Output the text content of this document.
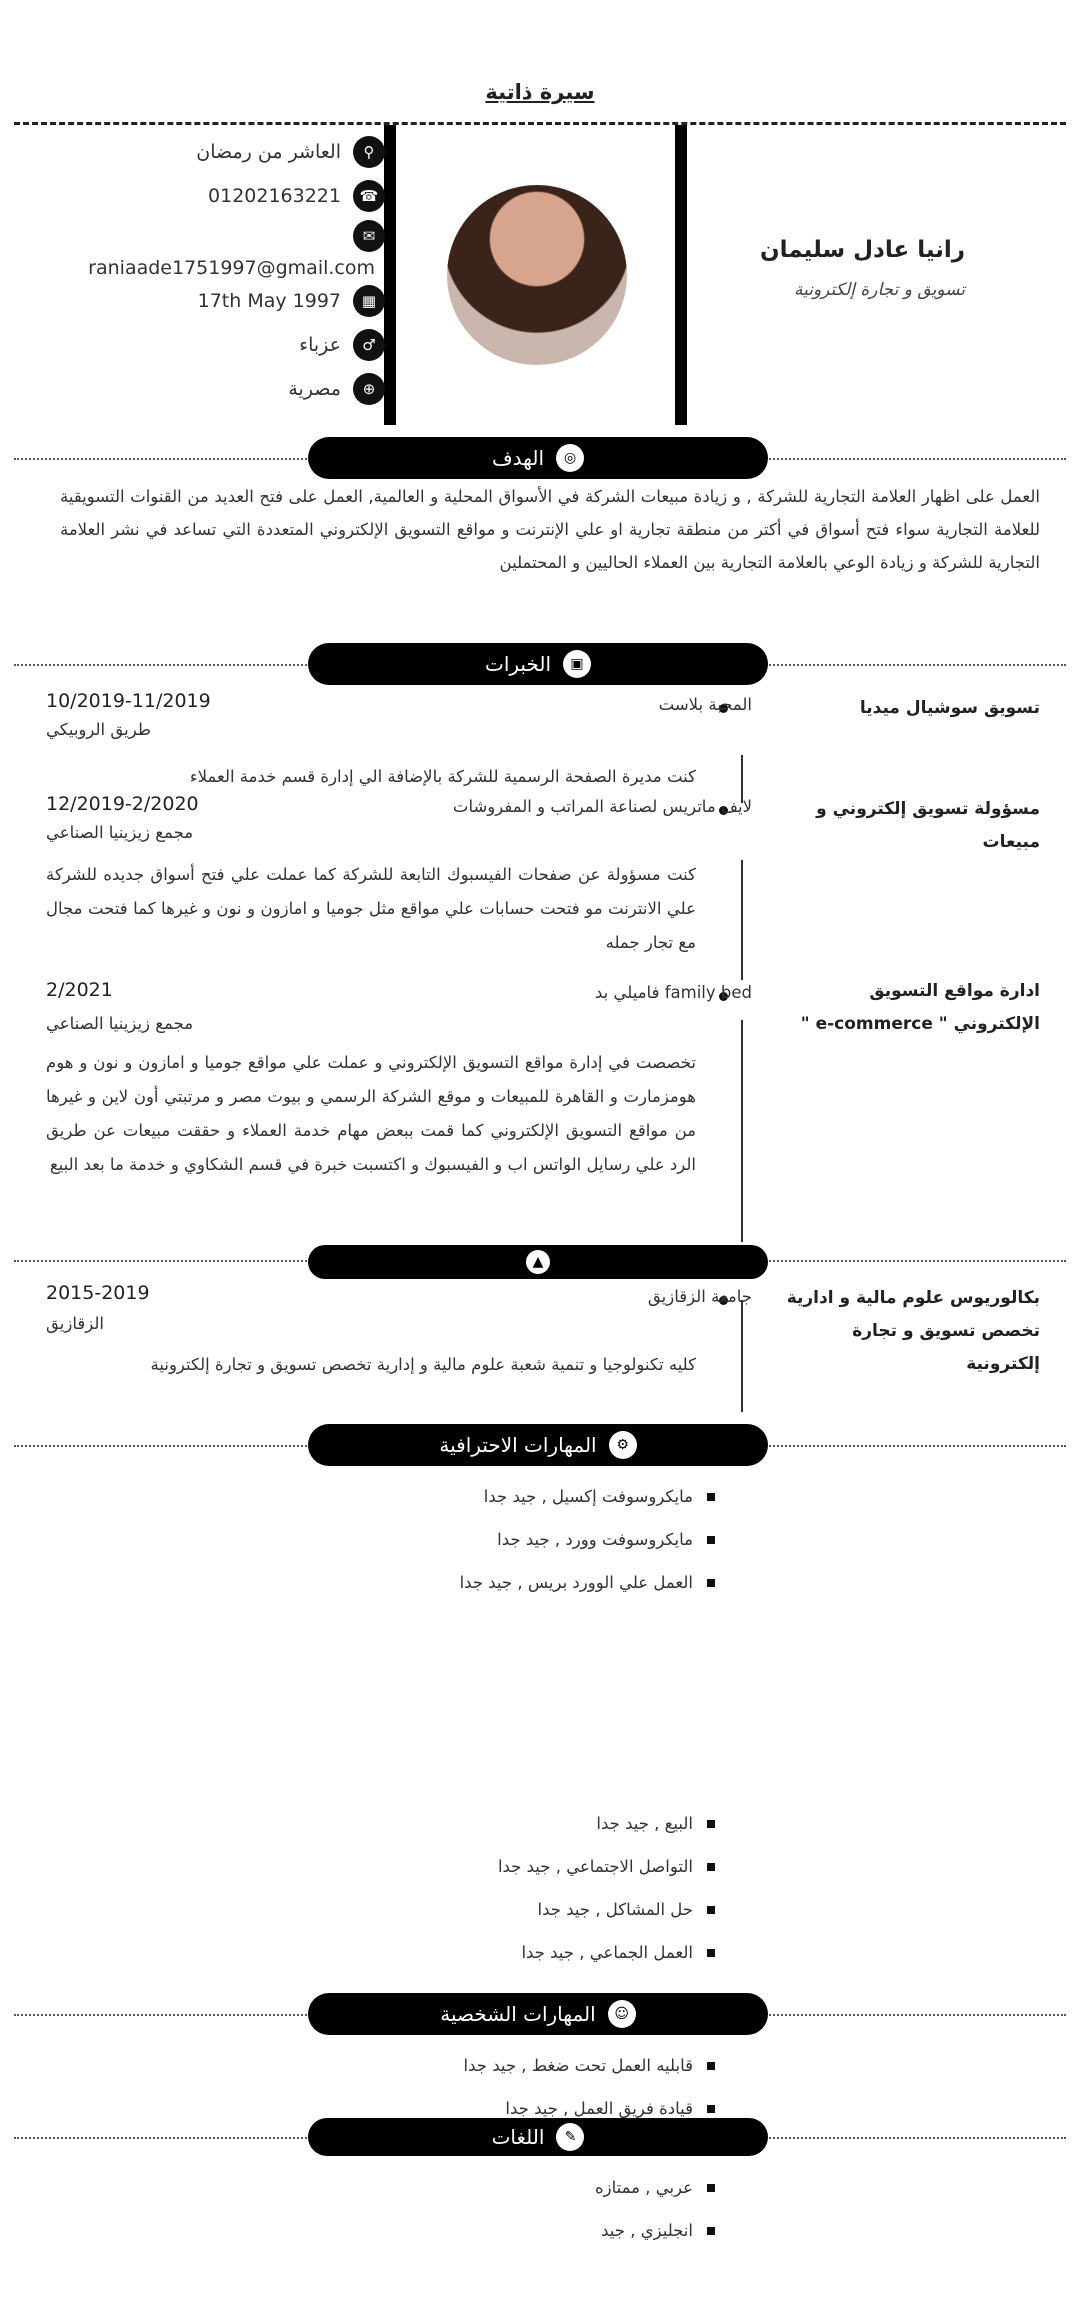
سيرة ذاتية
العاشر من رمضان	⚲
01202163221	☎
✉
raniaade1751997@gmail.com
17th May 1997	▦
عزباء	♂
مصرية	⊕
رانيا عادل سليمان
تسويق و تجارة إلكترونية
◎
الهدف
العمل على اظهار العلامة التجارية للشركة , و زيادة مبيعات الشركة في الأسواق المحلية و العالمية, العمل على فتح العديد من القنوات التسويقية للعلامة التجارية سواء فتح أسواق في أكتر من منطقة تجارية او علي الإنترنت و مواقع التسويق الإلكتروني المتعددة التي تساعد في نشر العلامة التجارية للشركة و زيادة الوعي بالعلامة التجارية بين العملاء الحاليين و المحتملين
▣
الخبرات
تسويق سوشيال ميديا
المحبة بلاست
10/2019-11/2019
طريق الروبيكي
كنت مديرة الصفحة الرسمية للشركة بالإضافة الي إدارة قسم خدمة العملاء
مسؤولة تسويق إلكتروني و مبيعات
لايف ماتريس لصناعة المراتب و المفروشات
12/2019-2/2020
مجمع زيزينيا الصناعي
كنت مسؤولة عن صفحات الفيسبوك التابعة للشركة كما عملت علي فتح أسواق جديده للشركة علي الانترنت مو فتحت حسابات علي مواقع مثل جوميا و امازون و نون و غيرها كما فتحت مجال مع تجار جمله
ادارة مواقع التسويق الإلكتروني " e-commerce "
family bed فاميلي بد
2/2021
مجمع زيزينيا الصناعي
تخصصت في إدارة مواقع التسويق الإلكتروني و عملت علي مواقع جوميا و امازون و نون و هوم هومزمارت و القاهرة للمبيعات و موقع الشركة الرسمي و بيوت مصر و مرتبتي أون لاين و غيرها من مواقع التسويق الإلكتروني كما قمت ببعض مهام خدمة العملاء و حققت مبيعات عن طريق الرد علي رسايل الواتس اب و الفيسبوك و اكتسبت خبرة في قسم الشكاوي و خدمة ما بعد البيع
▲
بكالوريوس علوم مالية و ادارية تخصص تسويق و تجارة إلكترونية
جامعة الزقازيق
2015-2019
الزقازيق
كليه تكنولوجيا و تنمية شعبة علوم مالية و إدارية تخصص تسويق و تجارة إلكترونية
⚙
المهارات الاحترافية
مايكروسوفت إكسيل , جيد جدا
مايكروسوفت وورد , جيد جدا
العمل علي الوورد بريس , جيد جدا
البيع , جيد جدا
التواصل الاجتماعي , جيد جدا
حل المشاكل , جيد جدا
العمل الجماعي , جيد جدا
☺
المهارات الشخصية
قابليه العمل تحت ضغط , جيد جدا
قيادة فريق العمل , جيد جدا
✎
اللغات
عربي , ممتازه
انجليزي , جيد
